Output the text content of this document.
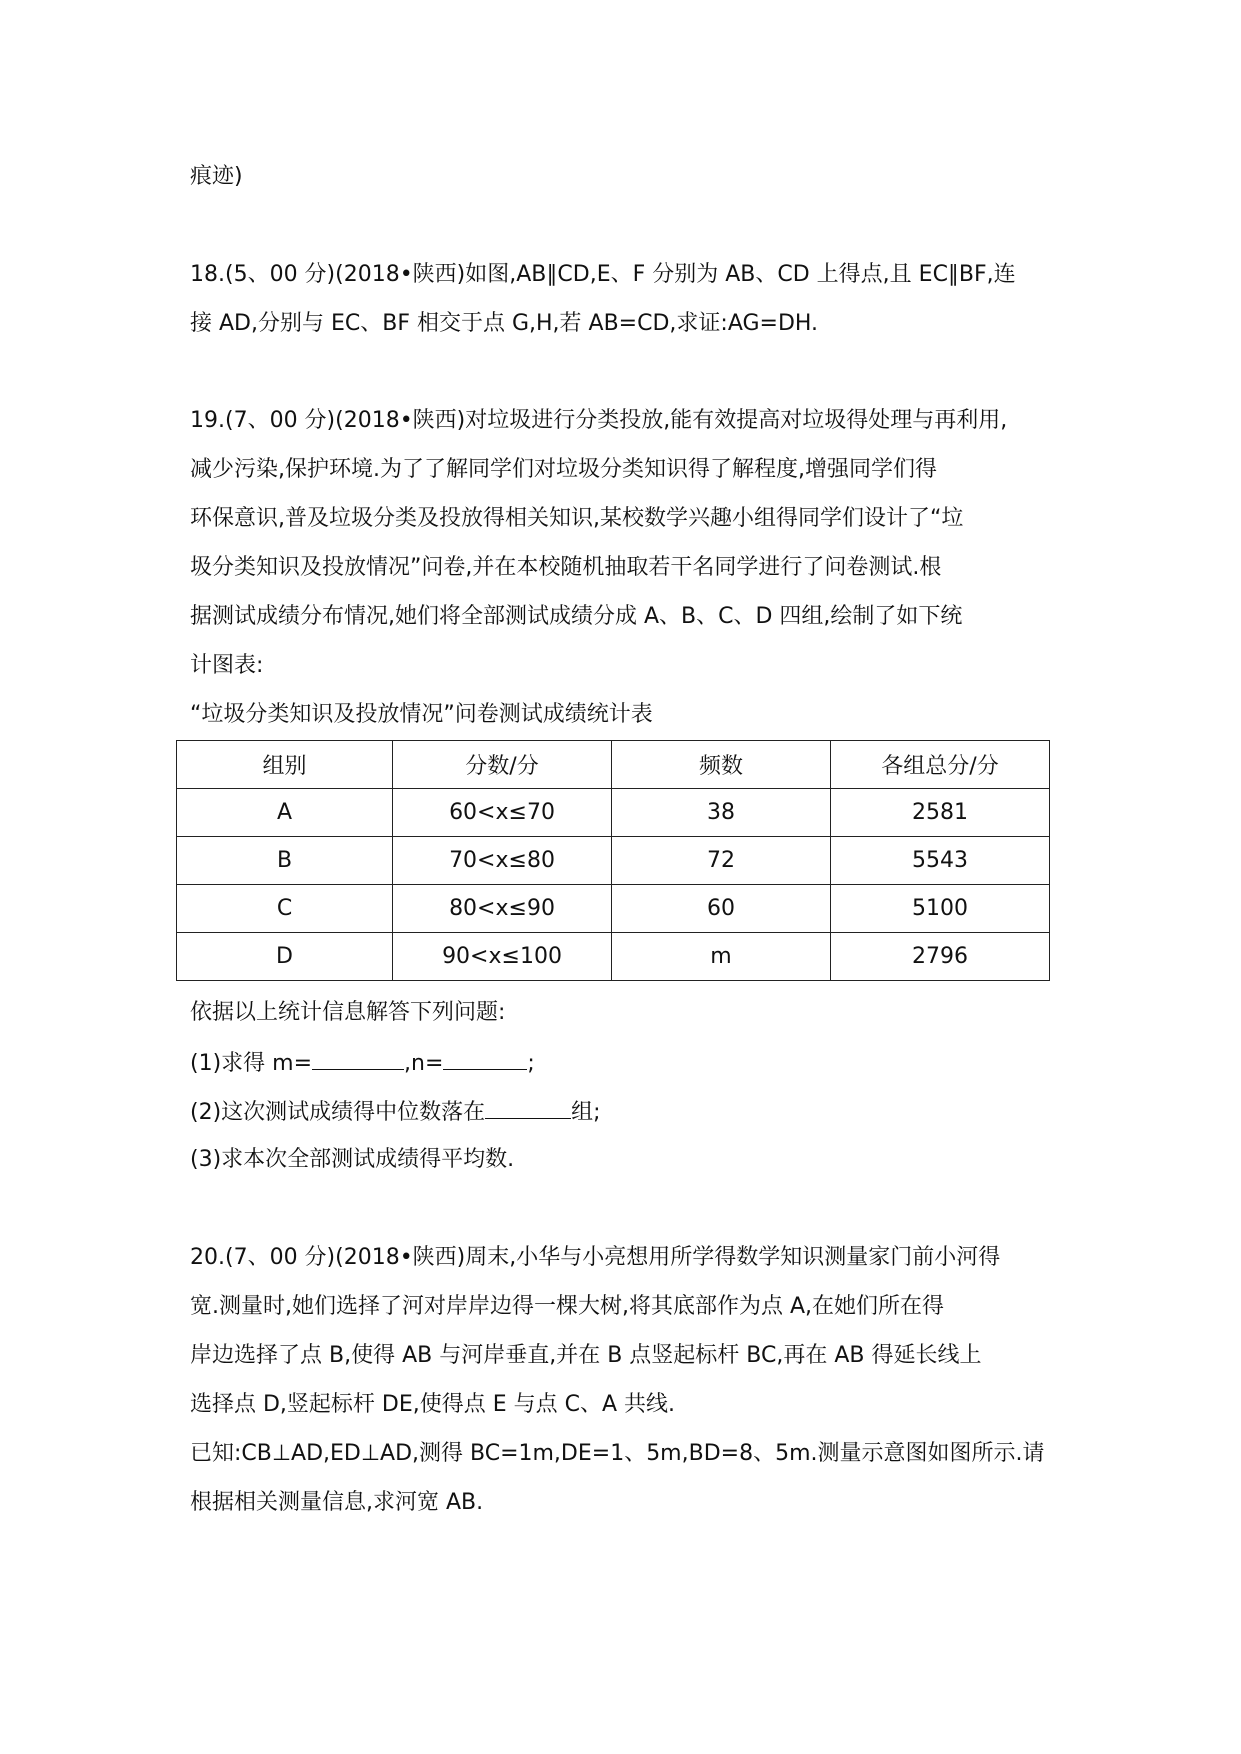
痕迹)
18.(5、00 分)(2018•陕西)如图,AB∥CD,E、F 分别为 AB、CD 上得点,且 EC∥BF,连
接 AD,分别与 EC、BF 相交于点 G,H,若 AB=CD,求证:AG=DH.
19.(7、00 分)(2018•陕西)对垃圾进行分类投放,能有效提高对垃圾得处理与再利用,
减少污染,保护环境.为了了解同学们对垃圾分类知识得了解程度,增强同学们得
环保意识,普及垃圾分类及投放得相关知识,某校数学兴趣小组得同学们设计了“垃
圾分类知识及投放情况”问卷,并在本校随机抽取若干名同学进行了问卷测试.根
据测试成绩分布情况,她们将全部测试成绩分成 A、B、C、D 四组,绘制了如下统
计图表:
“垃圾分类知识及投放情况”问卷测试成绩统计表
组别	分数/分	频数	各组总分/分
A	60<x≤70	38	2581
B	70<x≤80	72	5543
C	80<x≤90	60	5100
D	90<x≤100	m	2796
依据以上统计信息解答下列问题:
(1)求得 m=	,n=	;
(2)这次测试成绩得中位数落在	组;
(3)求本次全部测试成绩得平均数.
20.(7、00 分)(2018•陕西)周末,小华与小亮想用所学得数学知识测量家门前小河得
宽.测量时,她们选择了河对岸岸边得一棵大树,将其底部作为点 A,在她们所在得
岸边选择了点 B,使得 AB 与河岸垂直,并在 B 点竖起标杆 BC,再在 AB 得延长线上
选择点 D,竖起标杆 DE,使得点 E 与点 C、A 共线.
已知:CB⊥AD,ED⊥AD,测得 BC=1m,DE=1、5m,BD=8、5m.测量示意图如图所示.请
根据相关测量信息,求河宽 AB.
